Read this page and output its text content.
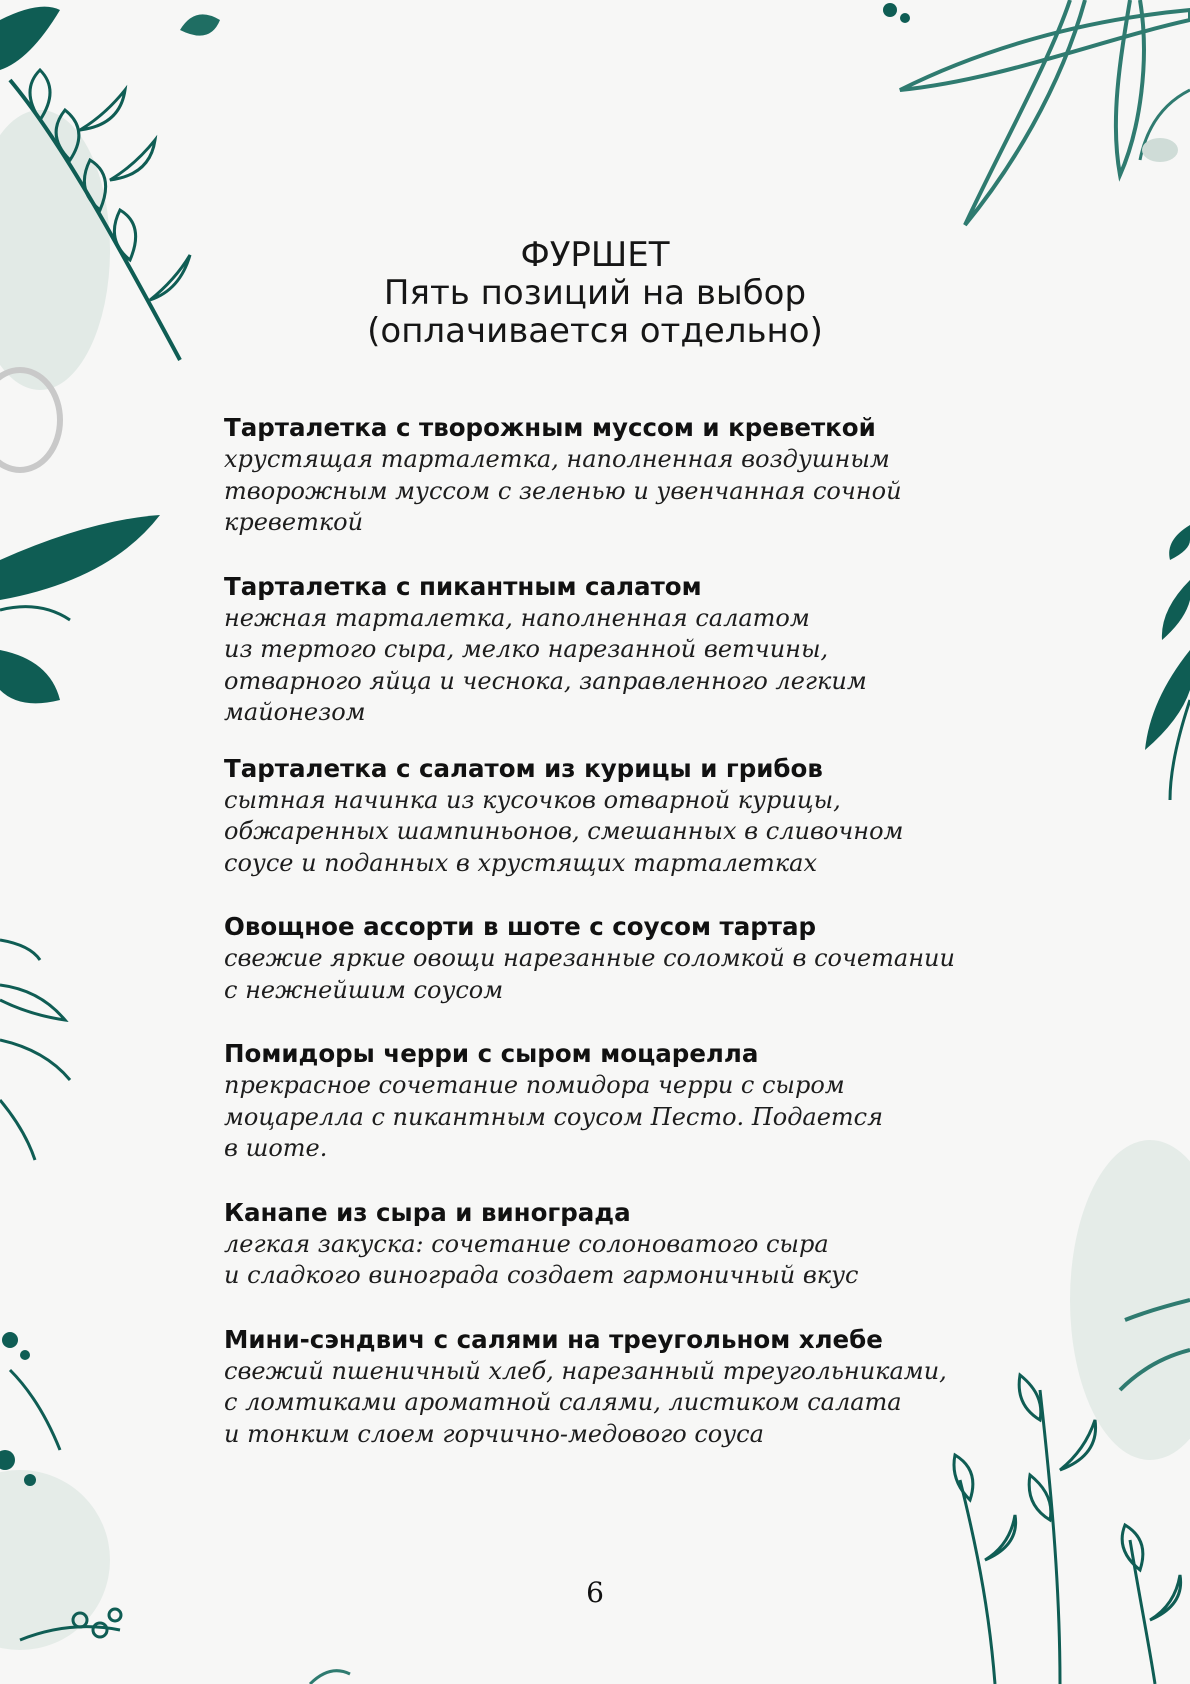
ФУРШЕТ
Пять позиций на выбор
(оплачивается отдельно)
Тарталетка с творожным муссом и креветкой
хрустящая тарталетка, наполненная воздушным
творожным муссом с зеленью и увенчанная сочной
креветкой
Тарталетка с пикантным салатом
нежная тарталетка, наполненная салатом
из тертого сыра, мелко нарезанной ветчины,
отварного яйца и чеснока, заправленного легким
майонезом
Тарталетка с салатом из курицы и грибов
сытная начинка из кусочков отварной курицы,
обжаренных шампиньонов, смешанных в сливочном
соусе и поданных в хрустящих тарталетках
Овощное ассорти в шоте с соусом тартар
свежие яркие овощи нарезанные соломкой в сочетании
с нежнейшим соусом
Помидоры черри с сыром моцарелла
прекрасное сочетание помидора черри с сыром
моцарелла с пикантным соусом Песто. Подается
в шоте.
Канапе из сыра и винограда
легкая закуска: сочетание солоноватого сыра
и сладкого винограда создает гармоничный вкус
Мини-сэндвич с салями на треугольном хлебе
свежий пшеничный хлеб, нарезанный треугольниками,
с ломтиками ароматной салями, листиком салата
и тонким слоем горчично-медового соуса
6
